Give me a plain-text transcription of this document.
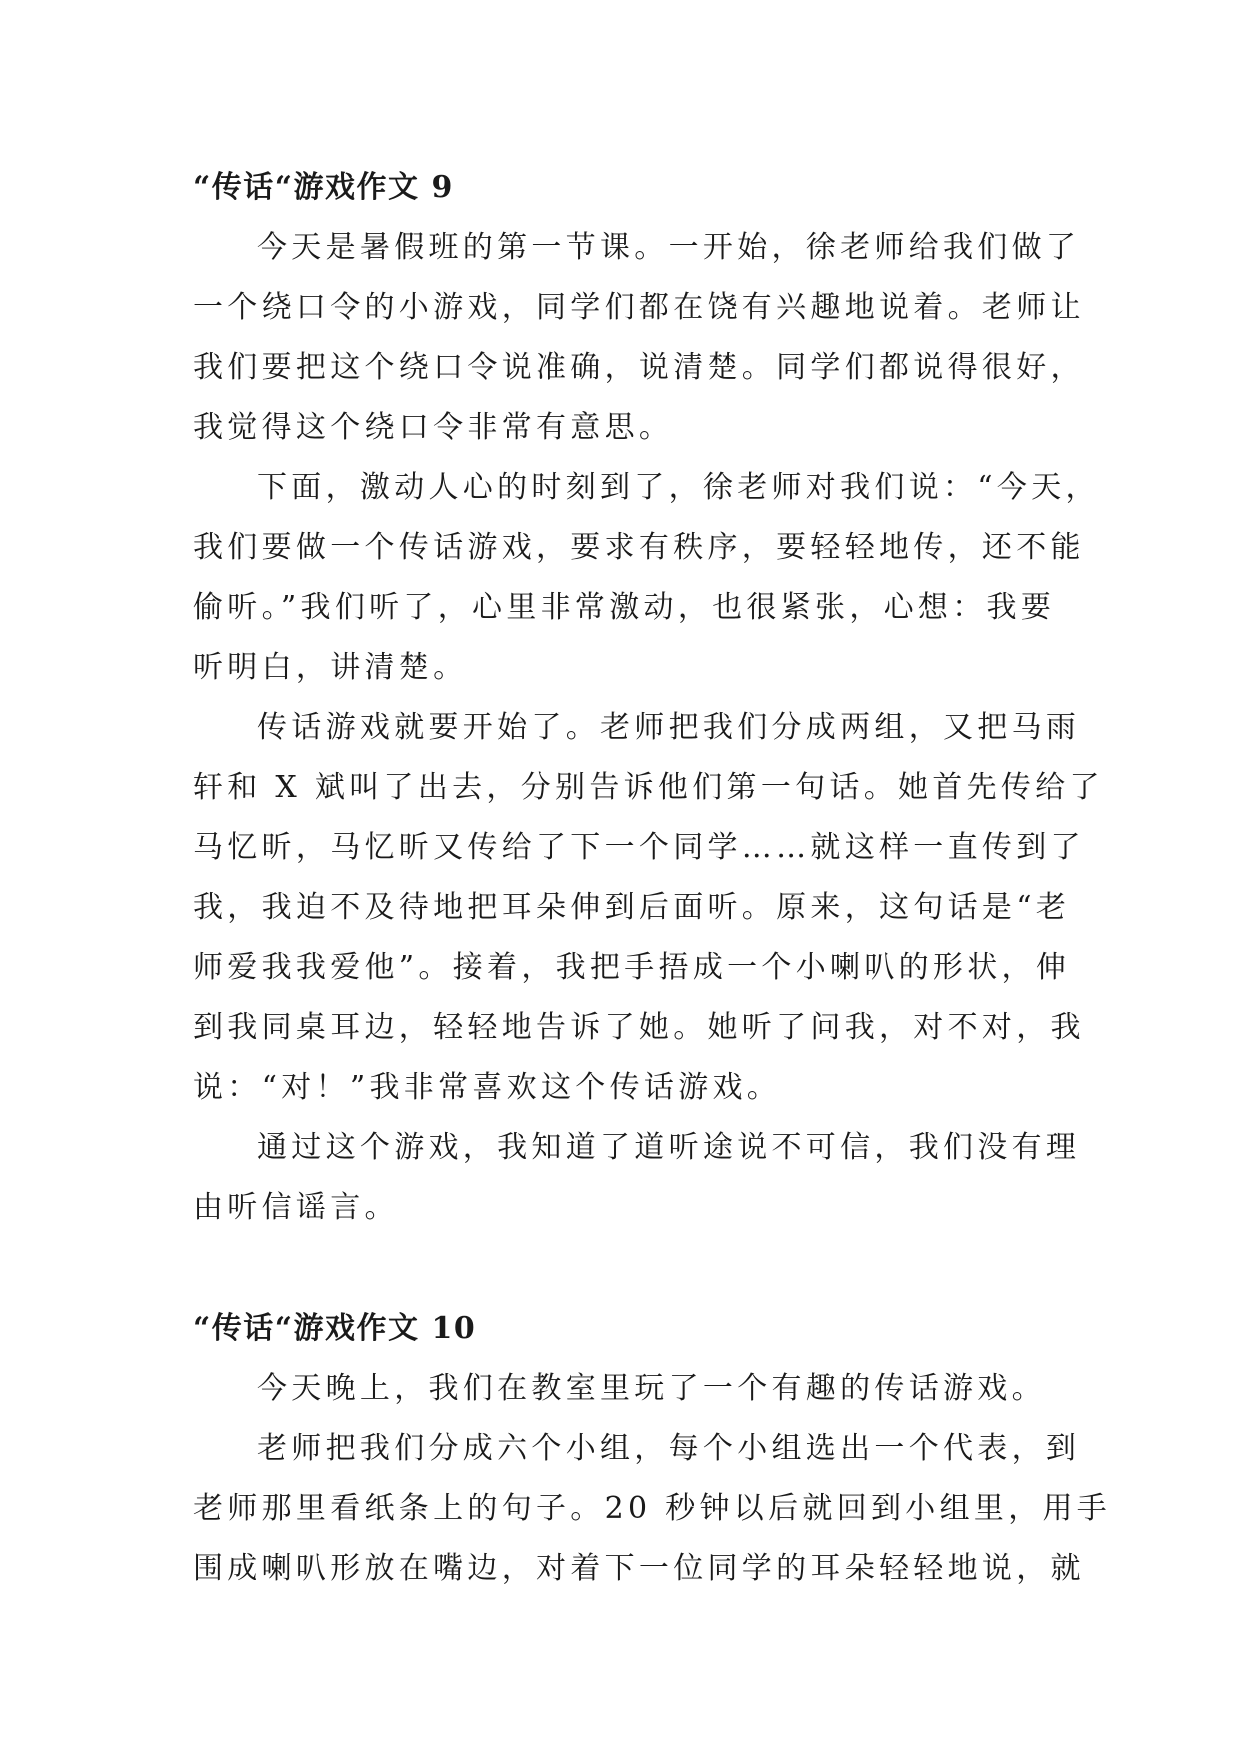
“传话“游戏作文 9

今天是暑假班的第一节课。一开始，徐老师给我们做了
一个绕口令的小游戏，同学们都在饶有兴趣地说着。老师让
我们要把这个绕口令说准确，说清楚。同学们都说得很好，
我觉得这个绕口令非常有意思。

下面，激动人心的时刻到了，徐老师对我们说：“今天，
我们要做一个传话游戏，要求有秩序，要轻轻地传，还不能
偷听。”我们听了，心里非常激动，也很紧张，心想：我要
听明白，讲清楚。

传话游戏就要开始了。老师把我们分成两组，又把马雨
轩和 X 斌叫了出去，分别告诉他们第一句话。她首先传给了
马忆昕，马忆昕又传给了下一个同学……就这样一直传到了
我，我迫不及待地把耳朵伸到后面听。原来，这句话是“老
师爱我我爱他”。接着，我把手捂成一个小喇叭的形状，伸
到我同桌耳边，轻轻地告诉了她。她听了问我，对不对，我
说：“对！”我非常喜欢这个传话游戏。

通过这个游戏，我知道了道听途说不可信，我们没有理
由听信谣言。

“传话“游戏作文 10

今天晚上，我们在教室里玩了一个有趣的传话游戏。

老师把我们分成六个小组，每个小组选出一个代表，到
老师那里看纸条上的句子。20 秒钟以后就回到小组里，用手
围成喇叭形放在嘴边，对着下一位同学的耳朵轻轻地说，就
